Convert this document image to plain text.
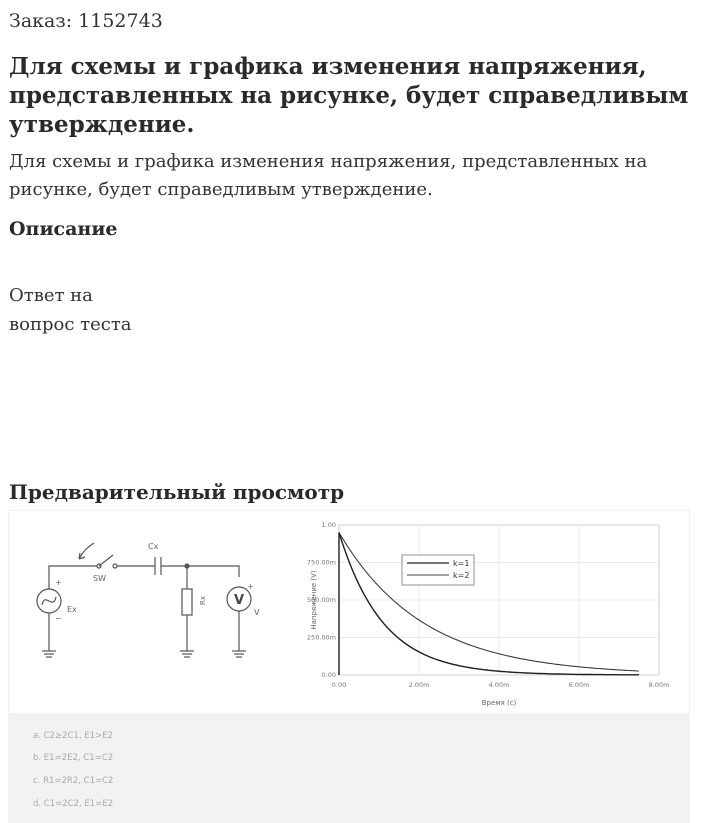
Заказ: 1152743
Для схемы и графика изменения напряжения, представленных на рисунке, будет справедливым утверждение.
Для схемы и графика изменения напряжения, представленных на рисунке, будет справедливым утверждение.
Описание
Ответ на
вопрос теста
Предварительный просмотр
Cx
SW
Ex
Rx V
V
+
−
+
0.00	2.00m	4.00m	6.00m	8.00m
0.00
250.00m
500.00m
750.00m
1.00
Время (с)
Напряжение (V)
k=1
k=2
a. C2≥2C1, E1>E2
b. E1=2E2, C1=C2
c. R1=2R2, C1=C2
d. C1=2C2, E1=E2
